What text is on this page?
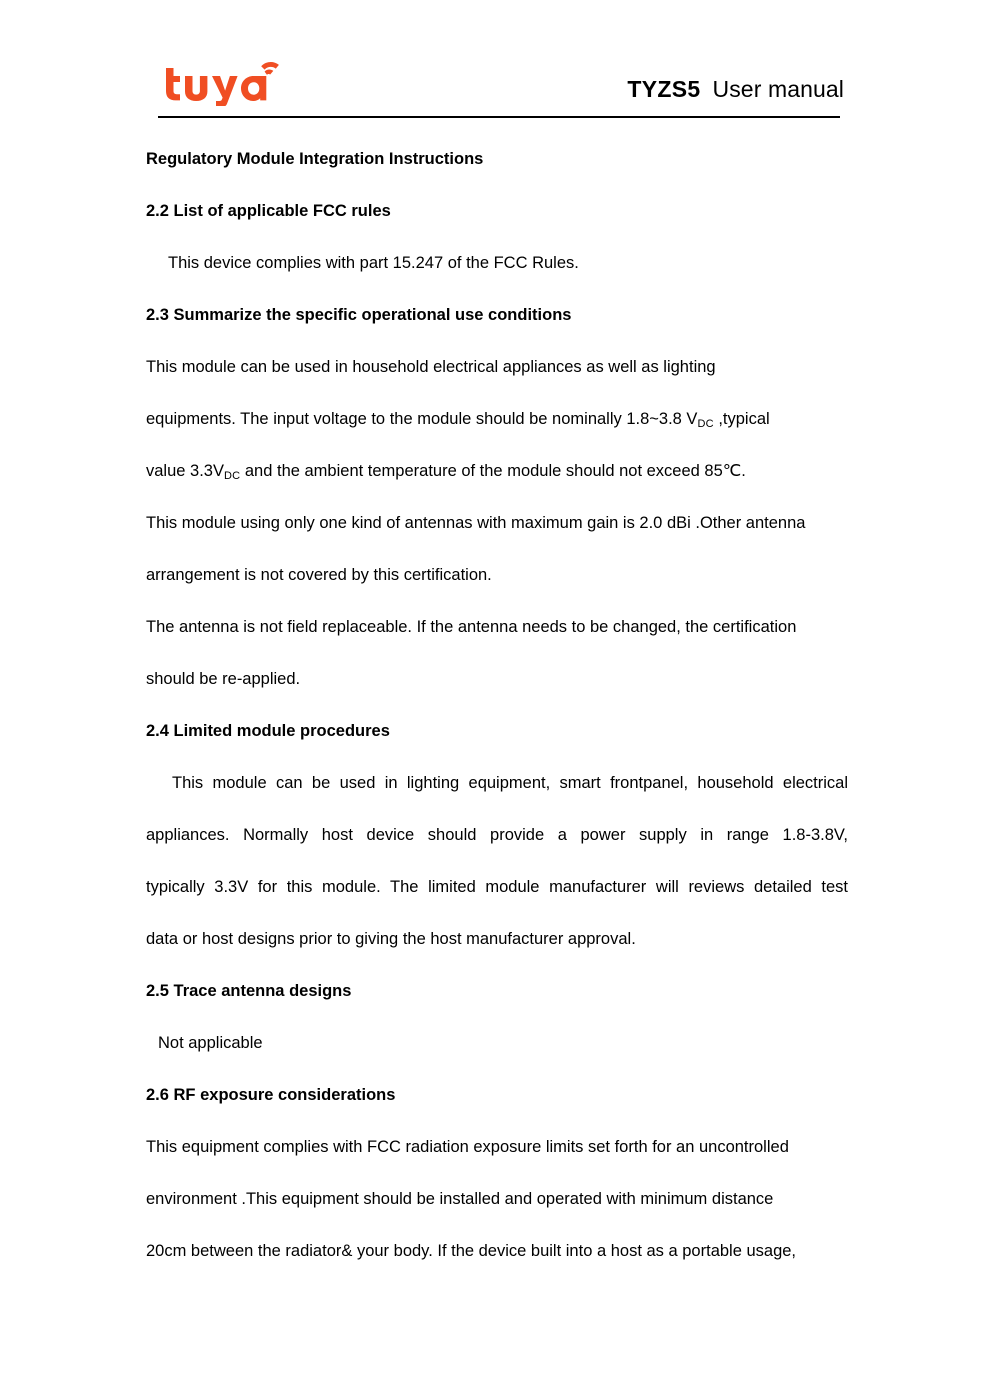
TYZS5 User manual
Regulatory Module Integration Instructions
2.2 List of applicable FCC rules
This device complies with part 15.247 of the FCC Rules.
2.3 Summarize the specific operational use conditions
This module can be used in household electrical appliances as well as lighting
equipments. The input voltage to the module should be nominally 1.8~3.8 $V_{DC}$ ,typical
value $3.3V_{DC}$ and the ambient temperature of the module should not exceed 85℃.
This module using only one kind of antennas with maximum gain is 2.0 dBi .Other antenna
arrangement is not covered by this certification.
The antenna is not field replaceable. If the antenna needs to be changed, the certification
should be re-applied.
2.4 Limited module procedures
This module can be used in lighting equipment, smart frontpanel, household electrical
appliances. Normally host device should provide a power supply in range 1.8-3.8V,
typically 3.3V for this module. The limited module manufacturer will reviews detailed test
data or host designs prior to giving the host manufacturer approval.
2.5 Trace antenna designs
Not applicable
2.6 RF exposure considerations
This equipment complies with FCC radiation exposure limits set forth for an uncontrolled
environment .This equipment should be installed and operated with minimum distance
20cm between the radiator& your body. If the device built into a host as a portable usage,
